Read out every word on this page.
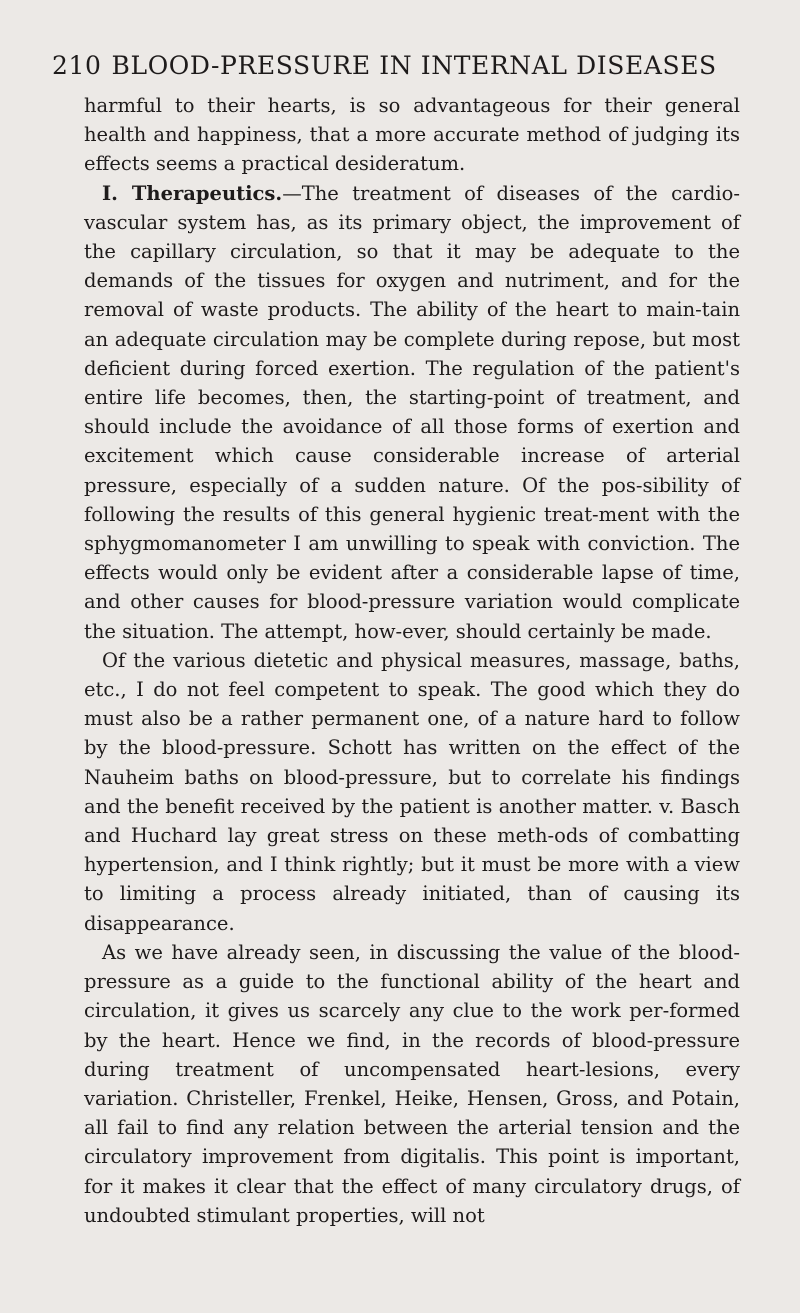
210 BLOOD-PRESSURE IN INTERNAL DISEASES

harmful to their hearts, is so advantageous for their general health and happiness, that a more accurate method of judging its effects seems a practical desideratum.

I. Therapeutics.—The treatment of diseases of the cardio-vascular system has, as its primary object, the improvement of the capillary circulation, so that it may be adequate to the demands of the tissues for oxygen and nutriment, and for the removal of waste products. The ability of the heart to main-tain an adequate circulation may be complete during repose, but most deficient during forced exertion. The regulation of the patient's entire life becomes, then, the starting-point of treatment, and should include the avoidance of all those forms of exertion and excitement which cause considerable increase of arterial pressure, especially of a sudden nature. Of the pos-sibility of following the results of this general hygienic treat-ment with the sphygmomanometer I am unwilling to speak with conviction. The effects would only be evident after a considerable lapse of time, and other causes for blood-pressure variation would complicate the situation. The attempt, how-ever, should certainly be made.

Of the various dietetic and physical measures, massage, baths, etc., I do not feel competent to speak. The good which they do must also be a rather permanent one, of a nature hard to follow by the blood-pressure. Schott has written on the effect of the Nauheim baths on blood-pressure, but to correlate his findings and the benefit received by the patient is another matter. v. Basch and Huchard lay great stress on these meth-ods of combatting hypertension, and I think rightly; but it must be more with a view to limiting a process already initiated, than of causing its disappearance.

As we have already seen, in discussing the value of the blood-pressure as a guide to the functional ability of the heart and circulation, it gives us scarcely any clue to the work per-formed by the heart. Hence we find, in the records of blood-pressure during treatment of uncompensated heart-lesions, every variation. Christeller, Frenkel, Heike, Hensen, Gross, and Potain, all fail to find any relation between the arterial tension and the circulatory improvement from digitalis. This point is important, for it makes it clear that the effect of many circulatory drugs, of undoubted stimulant properties, will not
